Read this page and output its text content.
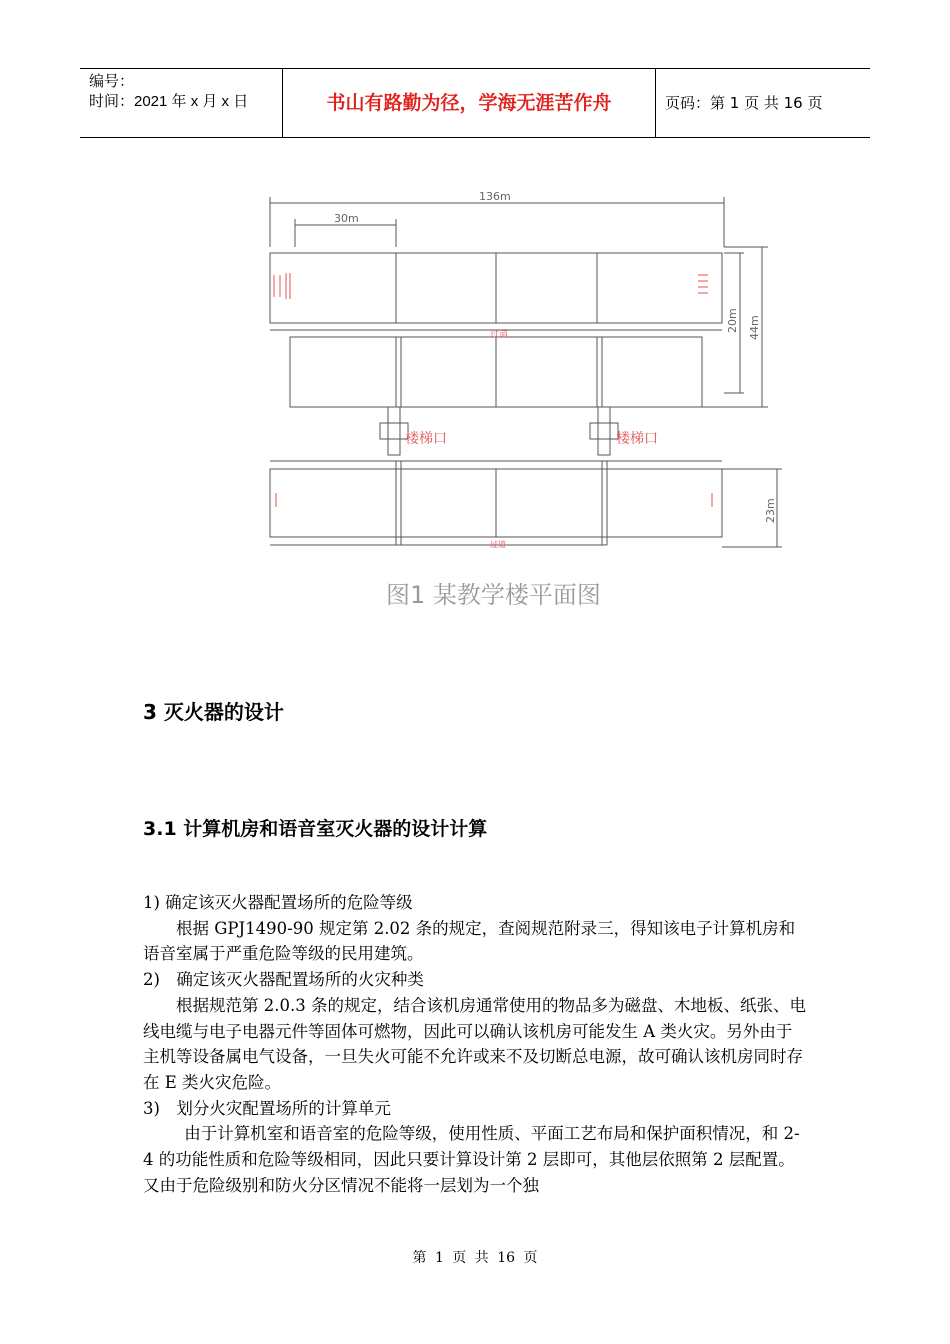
编号：
时间：2021 年 x 月 x 日	书山有路勤为径，学海无涯苦作舟	页码：第 1 页 共 16 页
过道
过道
136m
30m
20m 44m
23m
楼梯口	楼梯口
图1 某教学楼平面图
3 灭火器的设计
3.1 计算机房和语音室灭火器的设计计算

1) 确定该灭火器配置场所的危险等级

根据 GPJ1490-90 规定第 2.02 条的规定，查阅规范附录三，得知该电子计算机房和语音室属于严重危险等级的民用建筑。

2)　确定该灭火器配置场所的火灾种类

根据规范第 2.0.3 条的规定，结合该机房通常使用的物品多为磁盘、木地板、纸张、电线电缆与电子电器元件等固体可燃物，因此可以确认该机房可能发生 A 类火灾。另外由于主机等设备属电气设备，一旦失火可能不允许或来不及切断总电源，故可确认该机房同时存在 E 类火灾危险。

3)　划分火灾配置场所的计算单元

由于计算机室和语音室的危险等级，使用性质、平面工艺布局和保护面积情况，和 2-4 的功能性质和危险等级相同，因此只要计算设计第 2 层即可，其他层依照第 2 层配置。又由于危险级别和防火分区情况不能将一层划为一个独

第 1 页 共 16 页
